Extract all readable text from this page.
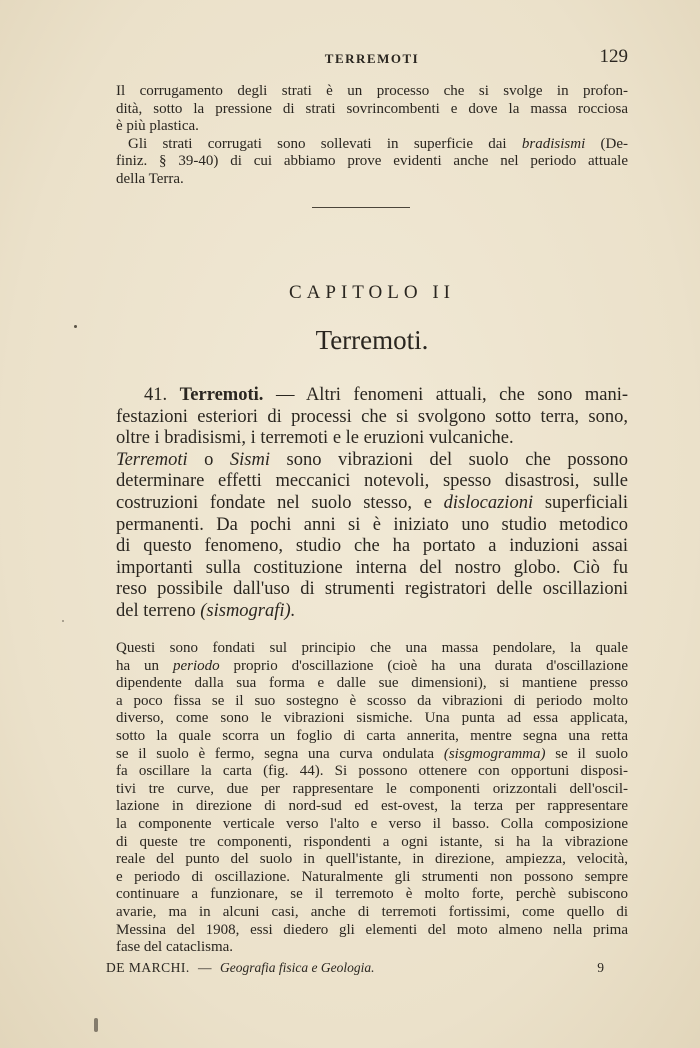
TERREMOTI	129
Il corrugamento degli strati è un processo che si svolge in profon-
dità, sotto la pressione di strati sovrincombenti e dove la massa rocciosa
è più plastica.
Gli strati corrugati sono sollevati in superficie dai bradisismi (De-
finiz. § 39-40) di cui abbiamo prove evidenti anche nel periodo attuale
della Terra.
CAPITOLO II
Terremoti.
41. Terremoti. — Altri fenomeni attuali, che sono mani-
festazioni esteriori di processi che si svolgono sotto terra, sono,
oltre i bradisismi, i terremoti e le eruzioni vulcaniche.
Terremoti o Sismi sono vibrazioni del suolo che possono
determinare effetti meccanici notevoli, spesso disastrosi, sulle
costruzioni fondate nel suolo stesso, e dislocazioni superficiali
permanenti. Da pochi anni si è iniziato uno studio metodico
di questo fenomeno, studio che ha portato a induzioni assai
importanti sulla costituzione interna del nostro globo. Ciò fu
reso possibile dall'uso di strumenti registratori delle oscillazioni
del terreno (sismografi).
Questi sono fondati sul principio che una massa pendolare, la quale
ha un periodo proprio d'oscillazione (cioè ha una durata d'oscillazione
dipendente dalla sua forma e dalle sue dimensioni), si mantiene presso
a poco fissa se il suo sostegno è scosso da vibrazioni di periodo molto
diverso, come sono le vibrazioni sismiche. Una punta ad essa applicata,
sotto la quale scorra un foglio di carta annerita, mentre segna una retta
se il suolo è fermo, segna una curva ondulata (sisgmogramma) se il suolo
fa oscillare la carta (fig. 44). Si possono ottenere con opportuni disposi-
tivi tre curve, due per rappresentare le componenti orizzontali dell'oscil-
lazione in direzione di nord-sud ed est-ovest, la terza per rappresentare
la componente verticale verso l'alto e verso il basso. Colla composizione
di queste tre componenti, rispondenti a ogni istante, si ha la vibrazione
reale del punto del suolo in quell'istante, in direzione, ampiezza, velocità,
e periodo di oscillazione. Naturalmente gli strumenti non possono sempre
continuare a funzionare, se il terremoto è molto forte, perchè subiscono
avarie, ma in alcuni casi, anche di terremoti fortissimi, come quello di
Messina del 1908, essi diedero gli elementi del moto almeno nella prima
fase del cataclisma.
DE MARCHI. — Geografia fisica e Geologia.	9
